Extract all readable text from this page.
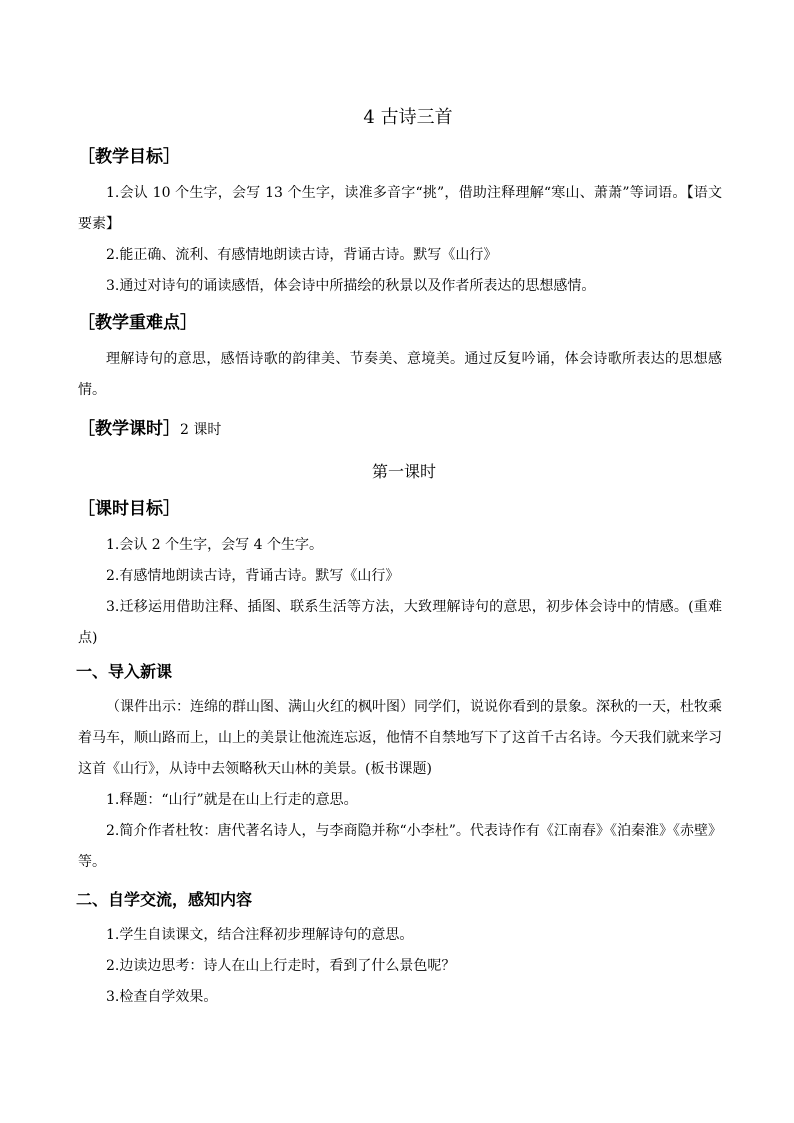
4 古诗三首
［教学目标］

1.会认 10 个生字，会写 13 个生字，读准多音字“挑”，借助注释理解“寒山、萧萧”等词语。【语文要素】

2.能正确、流利、有感情地朗读古诗，背诵古诗。默写《山行》

3.通过对诗句的诵读感悟，体会诗中所描绘的秋景以及作者所表达的思想感情。

［教学重难点］

理解诗句的意思，感悟诗歌的韵律美、节奏美、意境美。通过反复吟诵，体会诗歌所表达的思想感情。

［教学课时］2 课时
第一课时
［课时目标］

1.会认 2 个生字，会写 4 个生字。

2.有感情地朗读古诗，背诵古诗。默写《山行》

3.迁移运用借助注释、插图、联系生活等方法，大致理解诗句的意思，初步体会诗中的情感。(重难点)

一、导入新课

（课件出示：连绵的群山图、满山火红的枫叶图）同学们，说说你看到的景象。深秋的一天，杜牧乘着马车，顺山路而上，山上的美景让他流连忘返，他情不自禁地写下了这首千古名诗。今天我们就来学习这首《山行》，从诗中去领略秋天山林的美景。(板书课题)

1.释题：“山行”就是在山上行走的意思。

2.简介作者杜牧：唐代著名诗人，与李商隐并称“小李杜”。代表诗作有《江南春》《泊秦淮》《赤壁》等。

二、自学交流，感知内容

1.学生自读课文，结合注释初步理解诗句的意思。

2.边读边思考：诗人在山上行走时，看到了什么景色呢？

3.检查自学效果。
